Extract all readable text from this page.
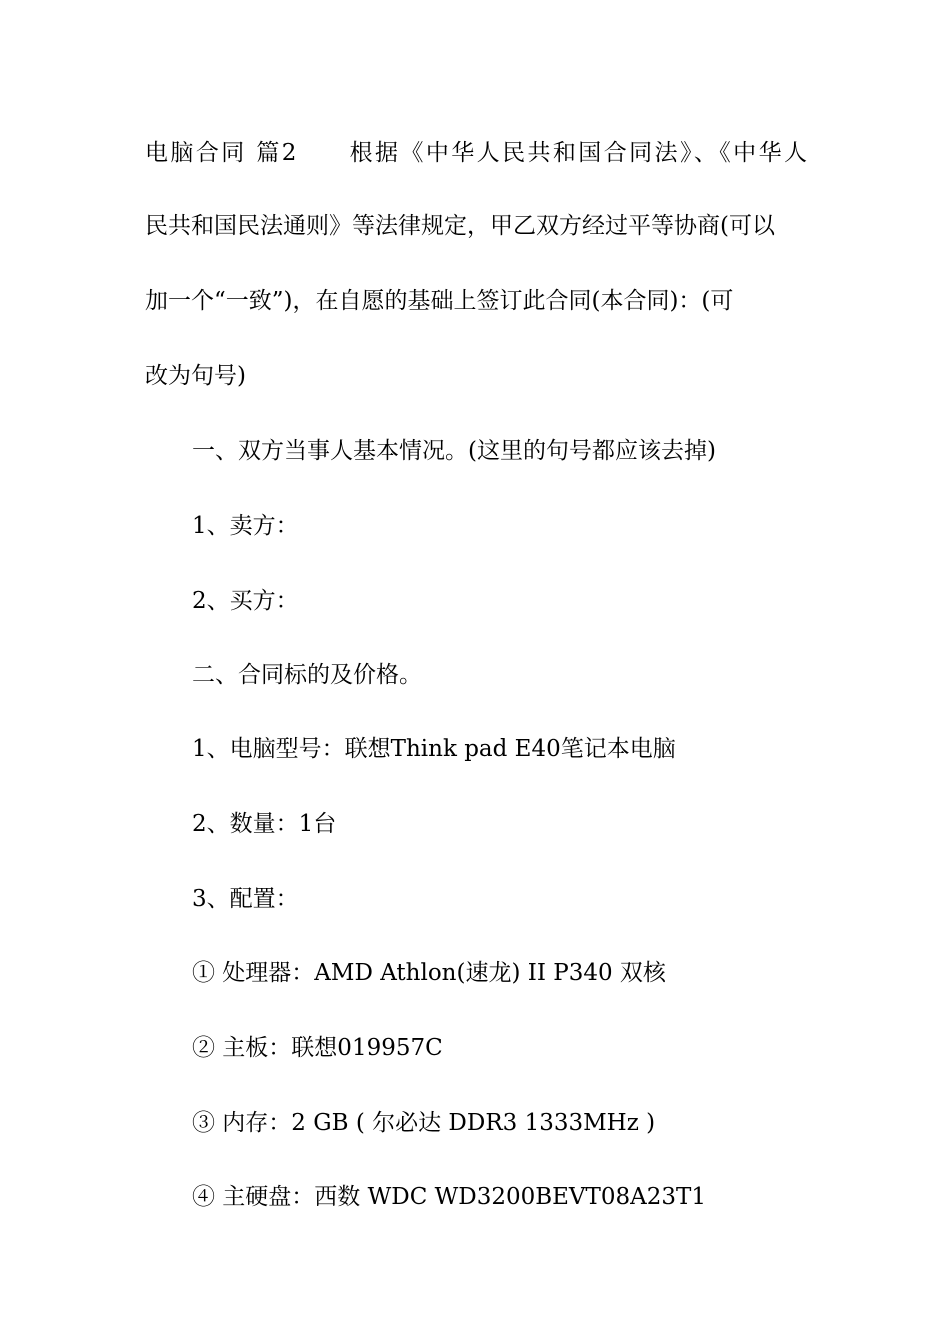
电脑合同 篇2　　根据《中华人民共和国合同法》、《中华人
民共和国民法通则》等法律规定，甲乙双方经过平等协商(可以
加一个“一致”)，在自愿的基础上签订此合同(本合同)：(可
改为句号)
一、双方当事人基本情况。(这里的句号都应该去掉)
1、卖方：
2、买方：
二、合同标的及价格。
1、电脑型号：联想Think pad E40笔记本电脑
2、数量：1台
3、配置：
① 处理器：AMD Athlon(速龙) II P340 双核
② 主板：联想019957C
③ 内存：2 GB ( 尔必达 DDR3 1333MHz )
④ 主硬盘：西数 WDC WD3200BEVT08A23T1
